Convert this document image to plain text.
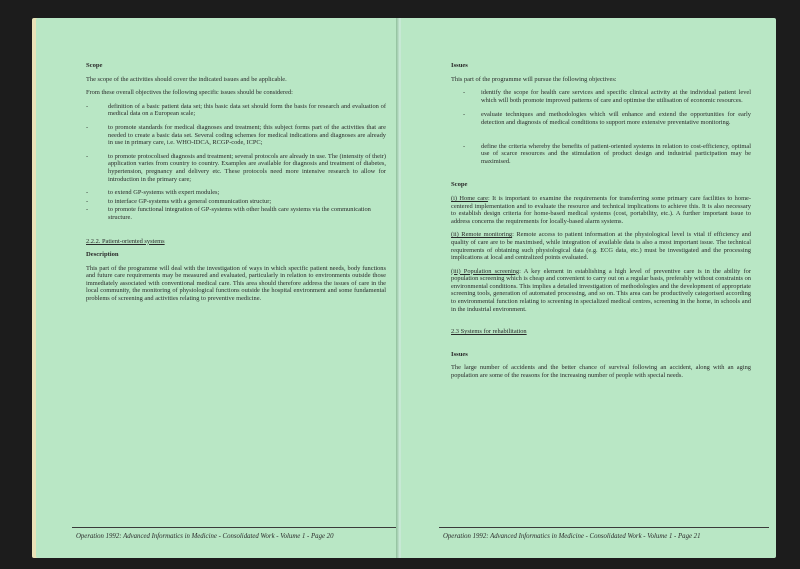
Scope

The scope of the activities should cover the indicated issues and be applicable.

From these overall objectives the following specific issues should be considered:

-	definition of a basic patient data set; this basic data set should form the basis for research and evaluation of medical data on a European scale;
-	to promote standards for medical diagnoses and treatment; this subject forms part of the activities that are needed to create a basic data set. Several coding schemes for medical indications and diagnoses are already in use in primary care, i.e. WHO-IDCA, RCGP-code, ICPC;
-	to promote protocolised diagnosis and treatment; several protocols are already in use. The (intensity of their) application varies from country to country. Examples are available for diagnosis and treatment of diabetes, hypertension, pregnancy and delivery etc. These protocols need more intensive research to allow for introduction in the primary care;
-	to extend GP-systems with expert modules;
-	to interface GP-systems with a general communication structur;
-	to promote functional integration of GP-systems with other health care systems via the communication structure.

2.2.2. Patient-oriented systems

Description

This part of the programme will deal with the investigation of ways in which specific patient needs, body functions and future care requirements may be measured and evaluated, particularly in relation to environments outside those immediately associated with conventional medical care. This area should therefore address the issues of care in the local community, the monitoring of physiological functions outside the hospital environment and some fundamental problems of screening and activities relating to preventive medicine.

Operation 1992: Advanced Informatics in Medicine - Consolidated Work - Volume 1 - Page 20
Issues

This part of the programme will pursue the following objectives:

-	identify the scope for health care services and specific clinical activity at the individual patient level which will both promote improved patterns of care and optimise the utilisation of economic resources.
-	evaluate techniques and methodologies which will enhance and extend the opportunities for early detection and diagnosis of medical conditions to support more extensive preventative monitoring.
-	define the criteria whereby the benefits of patient-oriented systems in relation to cost-efficiency, optimal use of scarce resources and the stimulation of product design and industrial participation may be maximised.
Scope

(i) Home care: It is important to examine the requirements for transferring some primary care facilities to home-centered implementation and to evaluate the resource and technical implications to achieve this. It is also necessary to establish design criteria for home-based medical systems (cost, portability, etc.). A further important issue to address concerns the requirements for locally-based alarm systems.

(ii) Remote monitoring: Remote access to patient information at the physiological level is vital if efficiency and quality of care are to be maximised, while integration of available data is also a most important issue. The technical requirements of obtaining such physiological data (e.g. ECG data, etc.) must be investigated and the processing implications at local and centralized points evaluated.

(iii) Population screening: A key element in establishing a high level of preventive care is in the ability for population screening which is cheap and convenient to carry out on a regular basis, preferably without constraints on environmental conditions. This implies a detailed investigation of methodologies and the development of appropriate screening tools, generation of automated processing, and so on. This area can be productively categorised according to environmental function relating to screening in specialized medical centres, screening in the home, in schools and in the industrial environment.

2.3 Systems for rehabilitation

Issues

The large number of accidents and the better chance of survival following an accident, along with an aging population are some of the reasons for the increasing number of people with special needs.

Operation 1992: Advanced Informatics in Medicine - Consolidated Work - Volume 1 - Page 21
